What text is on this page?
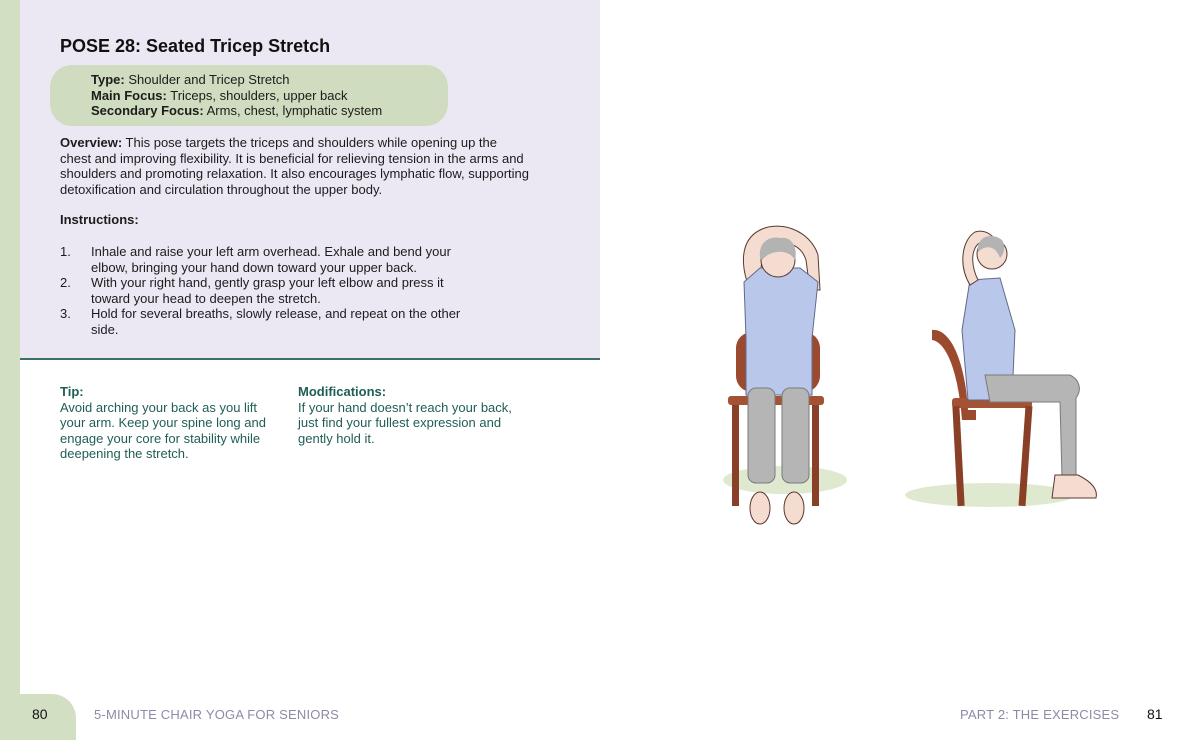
POSE 28: Seated Tricep Stretch
Type: Shoulder and Tricep Stretch
Main Focus: Triceps, shoulders, upper back
Secondary Focus: Arms, chest, lymphatic system

Overview: This pose targets the triceps and shoulders while opening up the chest and improving flexibility. It is beneficial for relieving tension in the arms and shoulders and promoting relaxation. It also encourages lymphatic flow, supporting detoxification and circulation throughout the upper body.

Instructions:
1. Inhale and raise your left arm overhead. Exhale and bend your elbow, bringing your hand down toward your upper back.
2. With your right hand, gently grasp your left elbow and press it toward your head to deepen the stretch.
3. Hold for several breaths, slowly release, and repeat on the other side.
Tip:
Avoid arching your back as you lift your arm. Keep your spine long and engage your core for stability while deepening the stretch.
Modifications:
If your hand doesn’t reach your back, just find your fullest expression and gently hold it.
80	5-MINUTE CHAIR YOGA FOR SENIORS	PART 2: THE EXERCISES 81
